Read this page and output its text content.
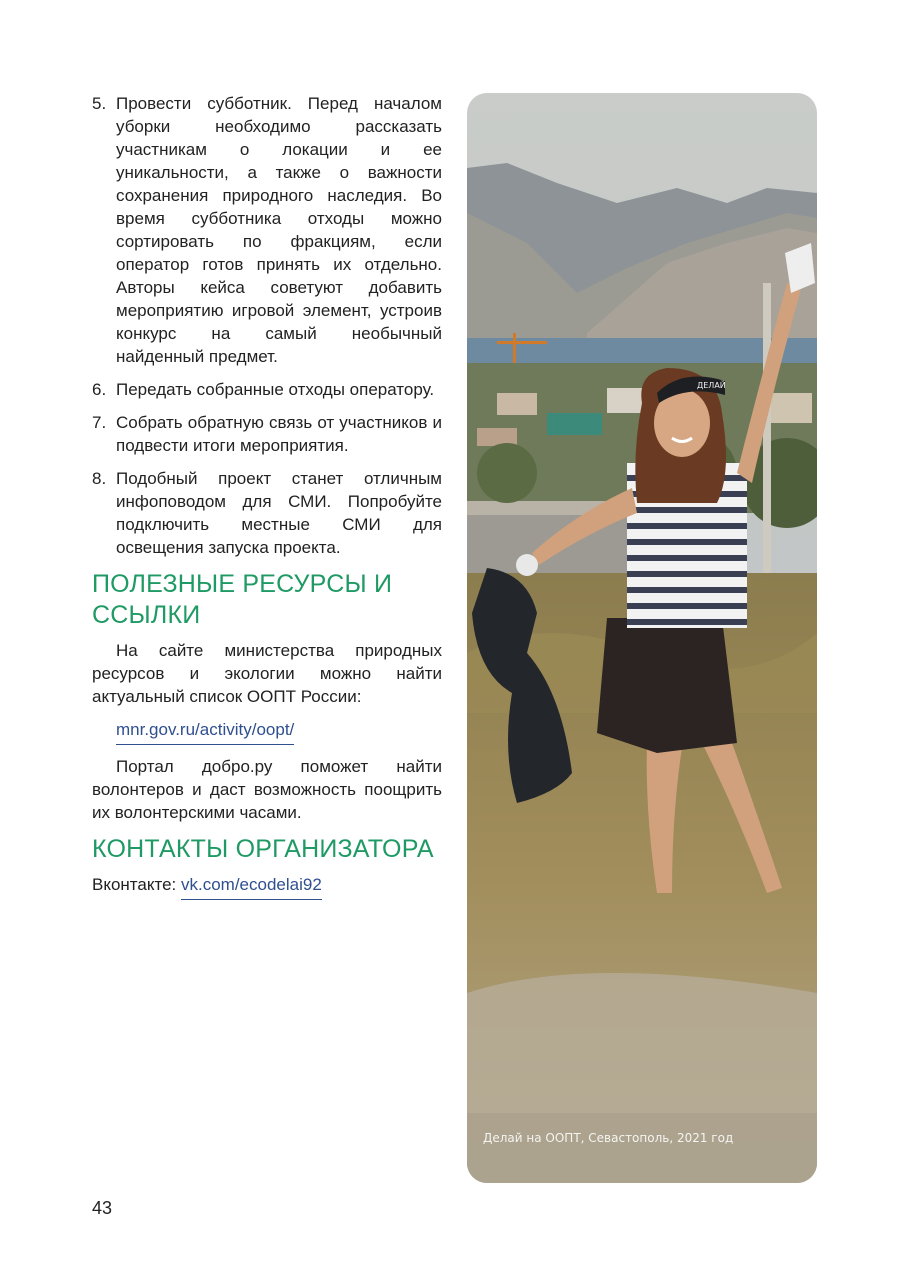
5. Провести субботник. Перед началом уборки необходимо рассказать участникам о локации и ее уникальности, а также о важности сохранения природного наследия. Во время субботника отходы можно сортировать по фракциям, если оператор готов принять их отдельно. Авторы кейса советуют добавить мероприятию игровой элемент, устроив конкурс на самый необычный найденный предмет.
6. Передать собранные отходы оператору.
7. Собрать обратную связь от участников и подвести итоги мероприятия.
8. Подобный проект станет отличным инфоповодом для СМИ. Попробуйте подключить местные СМИ для освещения запуска проекта.
ПОЛЕЗНЫЕ РЕСУРСЫ И ССЫЛКИ

На сайте министерства природных ресурсов и экологии можно найти актуальный список ООПТ России:

mnr.gov.ru/activity/oopt/

Портал добро.ру поможет найти волонтеров и даст возможность поощрить их волонтерскими часами.

КОНТАКТЫ ОРГАНИЗАТОРА

Вконтакте: vk.com/ecodelai92

ДЕЛАЙ
Делай на ООПТ, Севастополь, 2021 год
43
